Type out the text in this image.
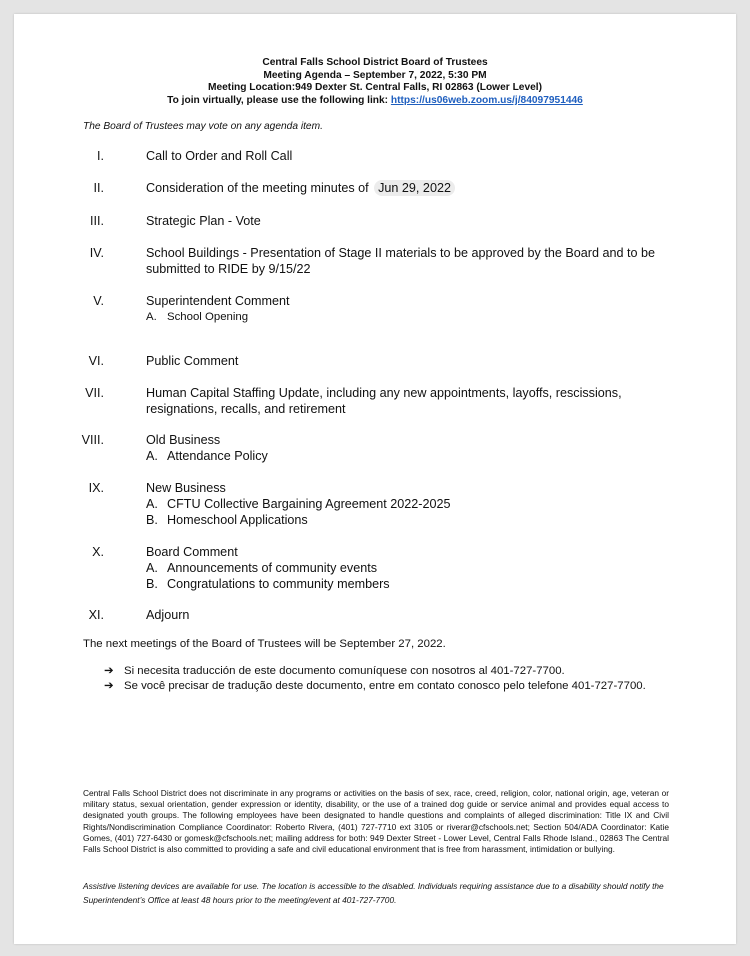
Central Falls School District Board of Trustees
Meeting Agenda – September 7, 2022, 5:30 PM
Meeting Location:949 Dexter St. Central Falls, RI 02863 (Lower Level)
To join virtually, please use the following link: https://us06web.zoom.us/j/84097951446
The Board of Trustees may vote on any agenda item.
I.	Call to Order and Roll Call
II.	Consideration of the meeting minutes of Jun 29, 2022
III.	Strategic Plan - Vote
IV.	School Buildings - Presentation of Stage II materials to be approved by the Board and to be submitted to RIDE by 9/15/22
V.	Superintendent Comment
A. School Opening
VI.	Public Comment
VII.	Human Capital Staffing Update, including any new appointments, layoffs, rescissions, resignations, recalls, and retirement
VIII.	Old Business
A. Attendance Policy
IX.	New Business
A. CFTU Collective Bargaining Agreement 2022-2025
B. Homeschool Applications
X.	Board Comment
A. Announcements of community events
B. Congratulations to community members
XI.	Adjourn
The next meetings of the Board of Trustees will be September 27, 2022.
➔ Si necesita traducción de este documento comuníquese con nosotros al 401-727-7700.
➔ Se você precisar de tradução deste documento, entre em contato conosco pelo telefone 401-727-7700.
Central Falls School District does not discriminate in any programs or activities on the basis of sex, race, creed, religion, color, national origin, age, veteran or military status, sexual orientation, gender expression or identity, disability, or the use of a trained dog guide or service animal and provides equal access to designated youth groups. The following employees have been designated to handle questions and complaints of alleged discrimination: Title IX and Civil Rights/Nondiscrimination Compliance Coordinator: Roberto Rivera, (401) 727-7710 ext 3105 or riverar@cfschools.net; Section 504/ADA Coordinator: Katie Gomes, (401) 727-6430 or gomesk@cfschools.net; mailing address for both: 949 Dexter Street - Lower Level, Central Falls Rhode Island., 02863 The Central Falls School District is also committed to providing a safe and civil educational environment that is free from harassment, intimidation or bullying.
Assistive listening devices are available for use. The location is accessible to the disabled. Individuals requiring assistance due to a disability should notify the Superintendent’s Office at least 48 hours prior to the meeting/event at 401-727-7700.
